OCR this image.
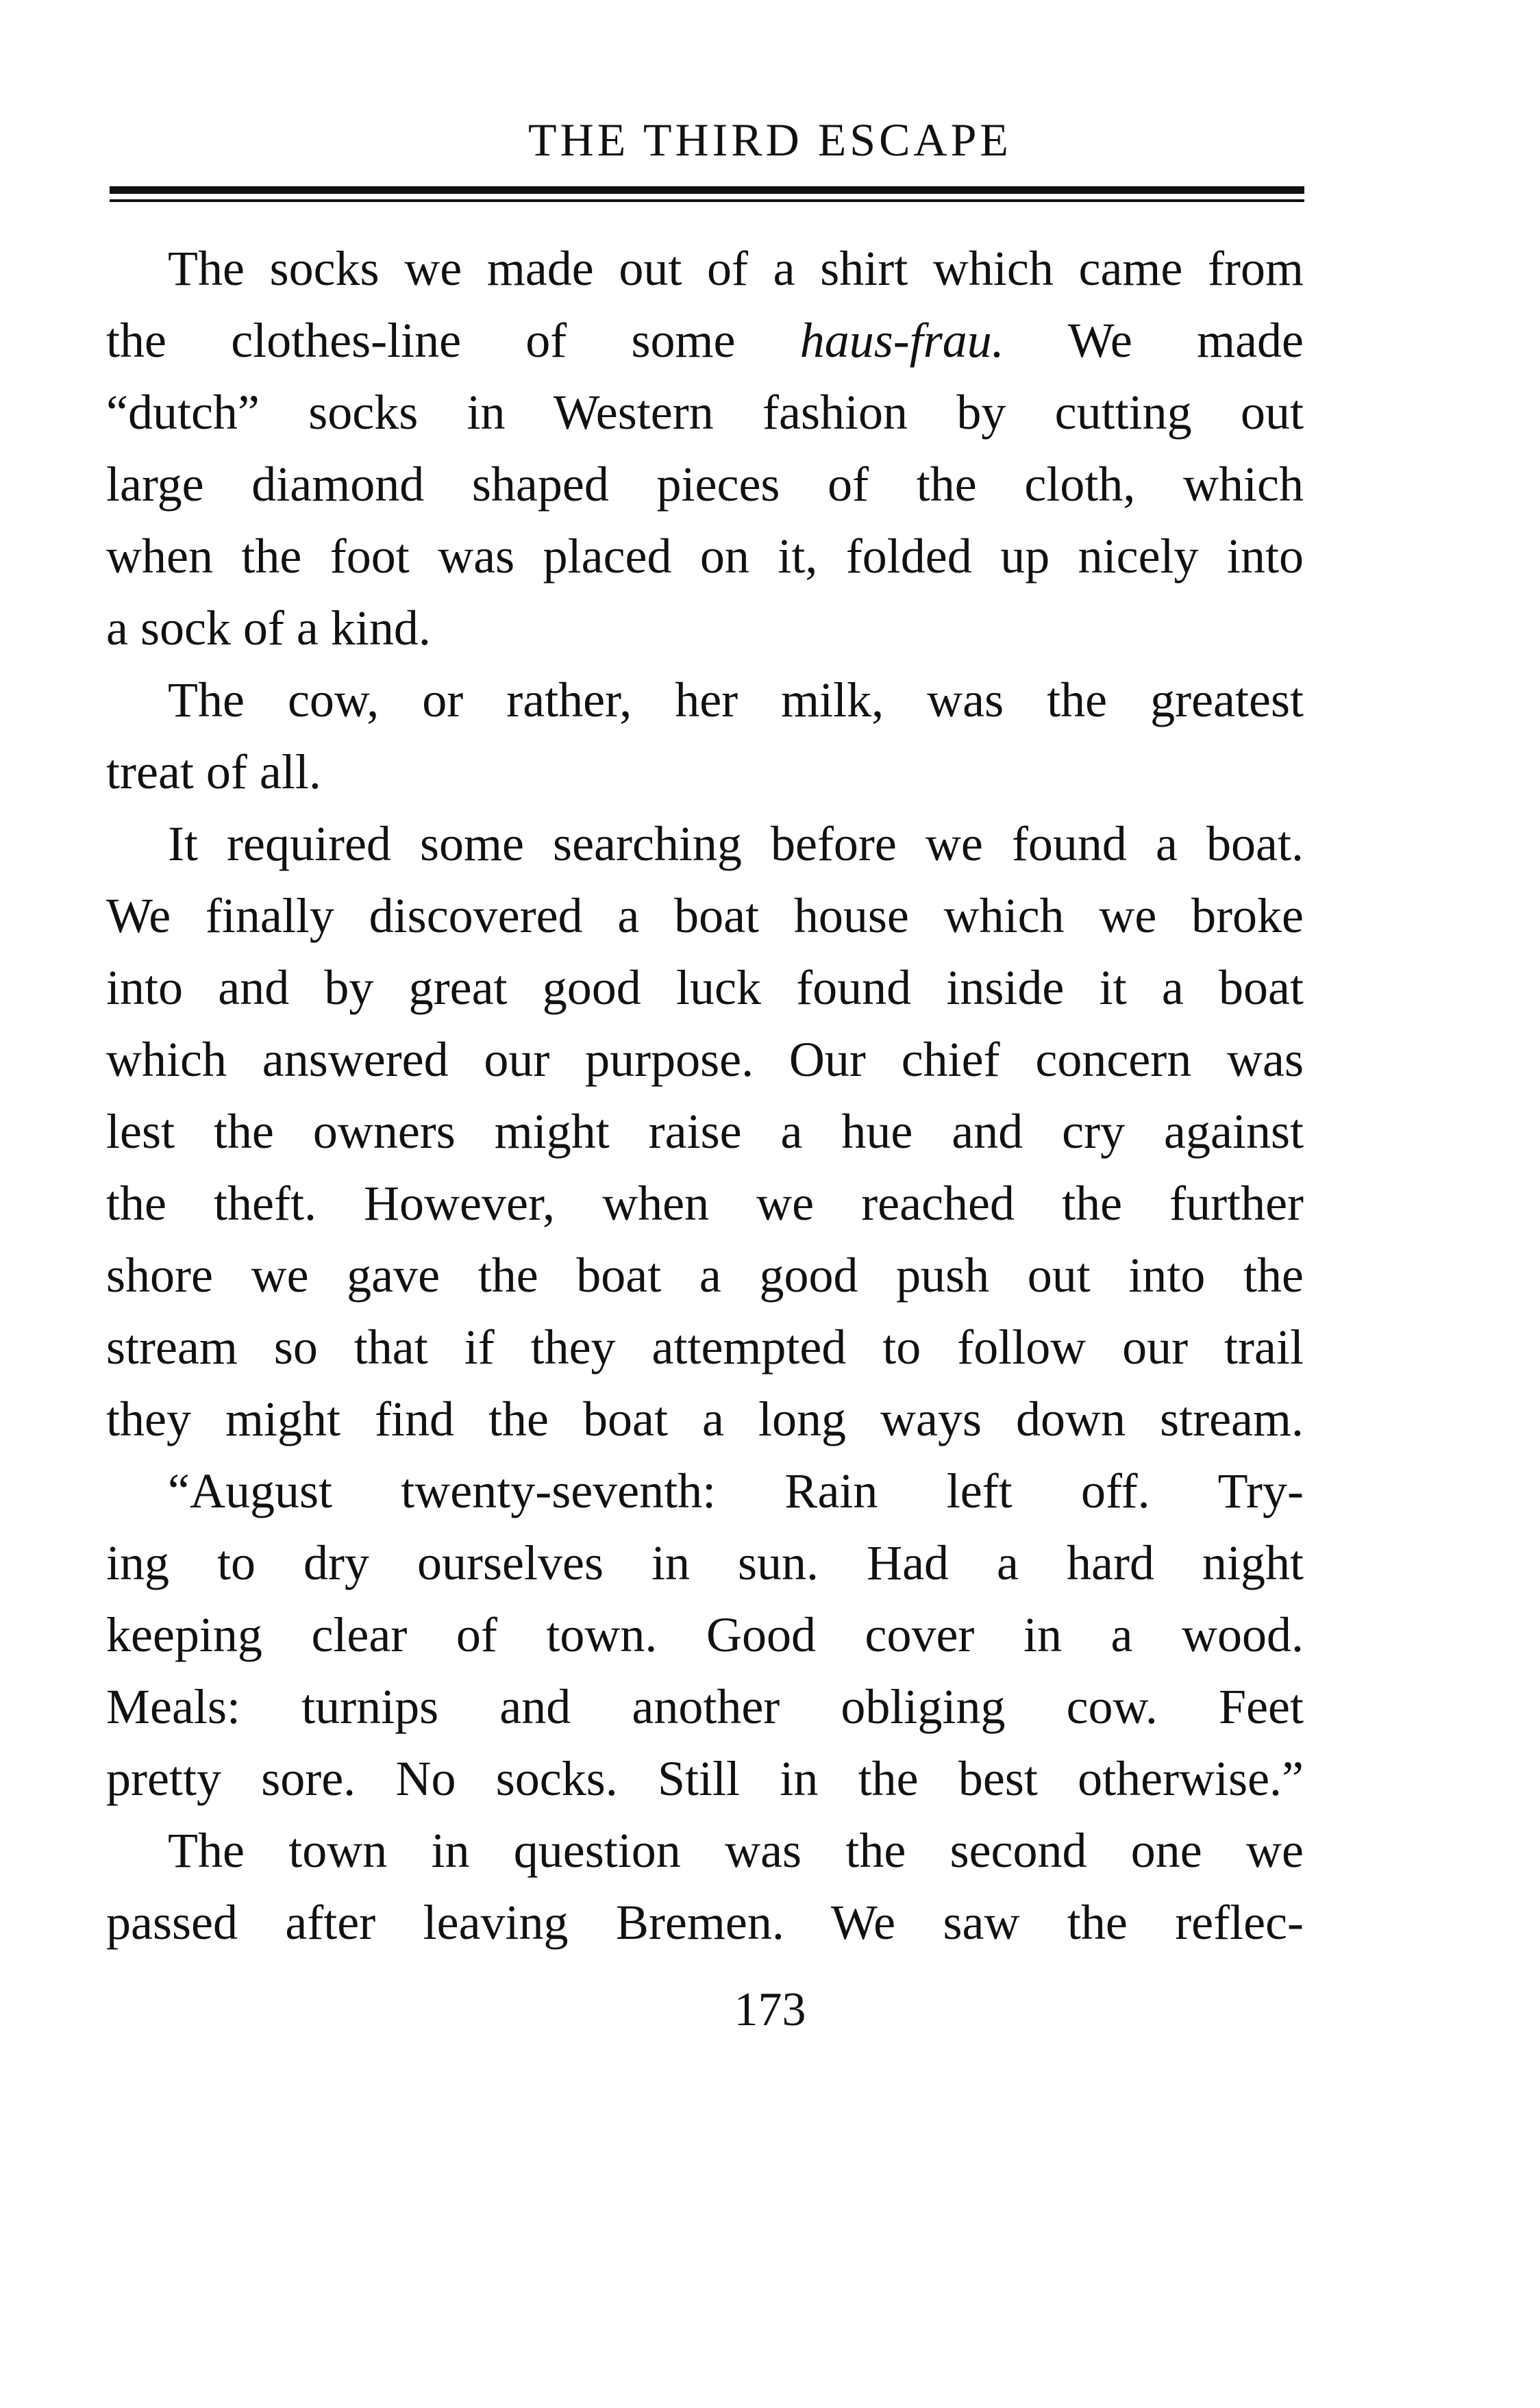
THE THIRD ESCAPE
The socks we made out of a shirt which came from
the clothes-line of some haus-frau. We made
“dutch” socks in Western fashion by cutting out
large diamond shaped pieces of the cloth, which
when the foot was placed on it, folded up nicely into
a sock of a kind.
The cow, or rather, her milk, was the greatest
treat of all.
It required some searching before we found a boat.
We finally discovered a boat house which we broke
into and by great good luck found inside it a boat
which answered our purpose. Our chief concern was
lest the owners might raise a hue and cry against
the theft. However, when we reached the further
shore we gave the boat a good push out into the
stream so that if they attempted to follow our trail
they might find the boat a long ways down stream.
“August twenty-seventh: Rain left off. Try-
ing to dry ourselves in sun. Had a hard night
keeping clear of town. Good cover in a wood.
Meals: turnips and another obliging cow. Feet
pretty sore. No socks. Still in the best otherwise.”
The town in question was the second one we
passed after leaving Bremen. We saw the reflec-
173
